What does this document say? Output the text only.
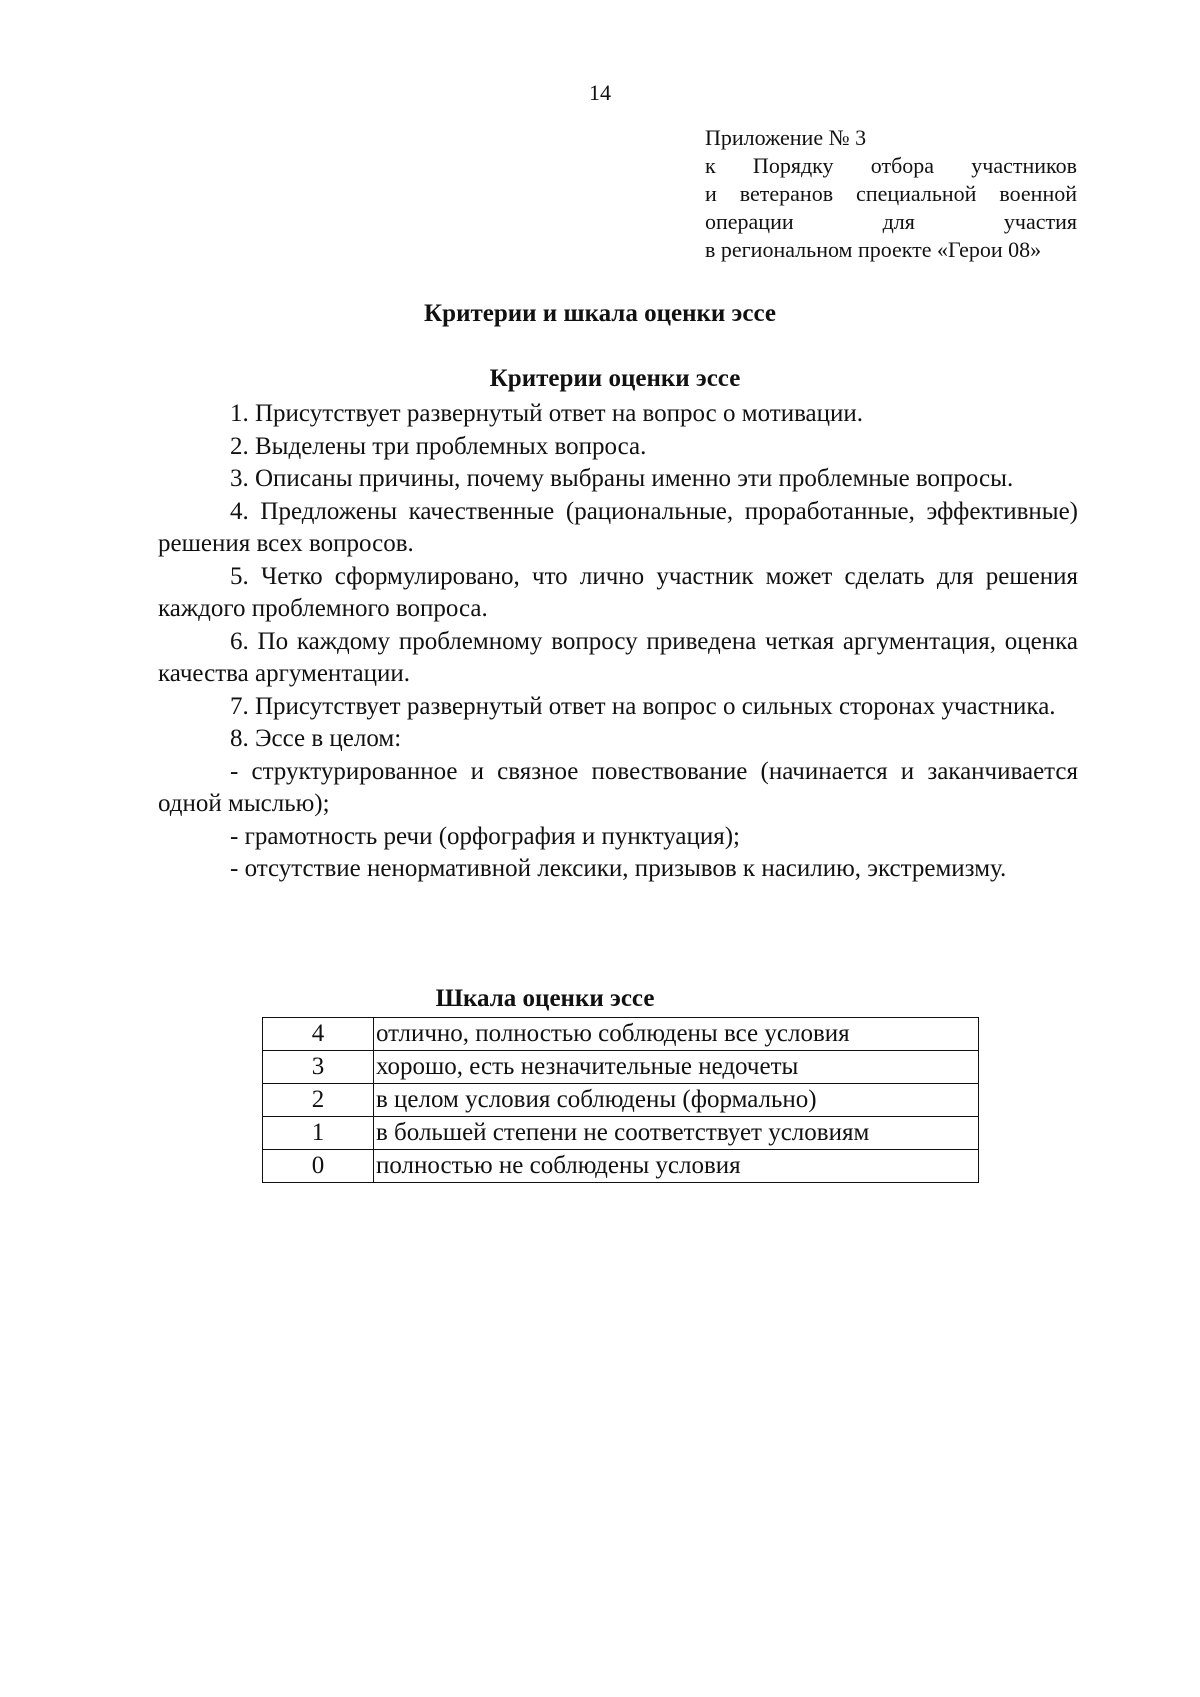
14
Приложение № 3
к Порядку отбора участников
и ветеранов специальной военной
операции для участия
в региональном проекте «Герои 08»
Критерии и шкала оценки эссе
Критерии оценки эссе

1. Присутствует развернутый ответ на вопрос о мотивации.

2. Выделены три проблемных вопроса.

3. Описаны причины, почему выбраны именно эти проблемные вопросы.

4. Предложены качественные (рациональные, проработанные, эффективные) решения всех вопросов.

5. Четко сформулировано, что лично участник может сделать для решения каждого проблемного вопроса.

6. По каждому проблемному вопросу приведена четкая аргументация, оценка качества аргументации.

7. Присутствует развернутый ответ на вопрос о сильных сторонах участника.

8. Эссе в целом:

- структурированное и связное повествование (начинается и заканчивается одной мыслью);

- грамотность речи (орфография и пунктуация);

- отсутствие ненормативной лексики, призывов к насилию, экстремизму.

Шкала оценки эссе
4	отлично, полностью соблюдены все условия
3	хорошо, есть незначительные недочеты
2	в целом условия соблюдены (формально)
1	в большей степени не соответствует условиям
0	полностью не соблюдены условия
